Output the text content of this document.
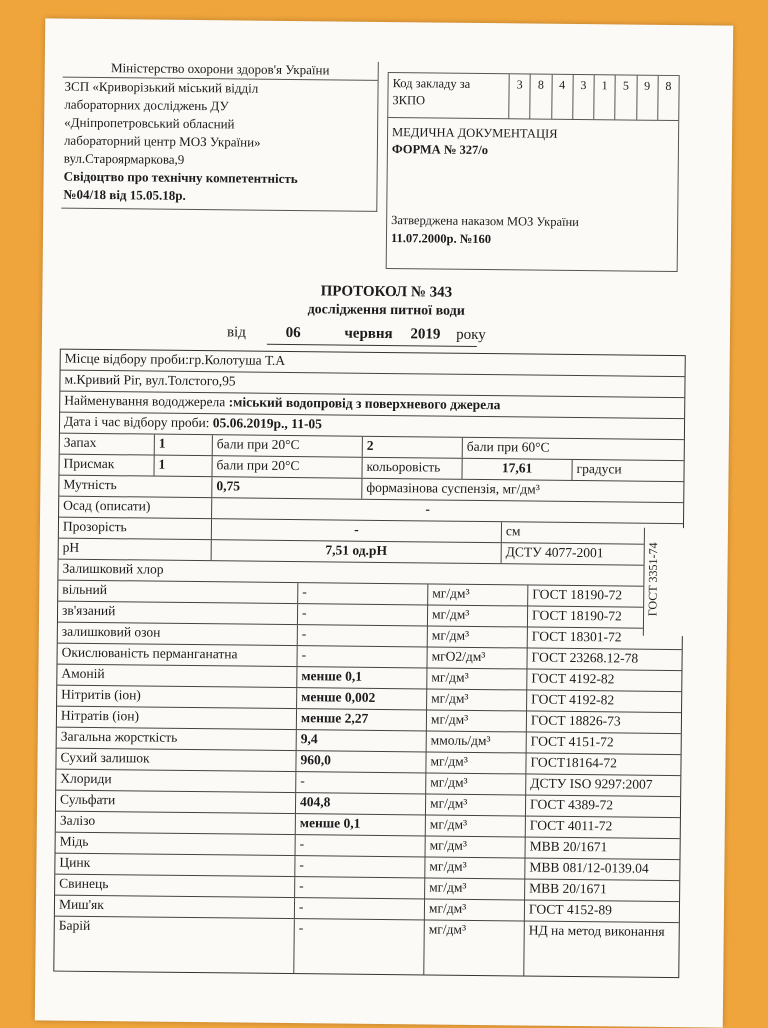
Міністерство охорони здоров'я України
ЗСП «Криворізький міський відділ
лабораторних досліджень ДУ
«Дніпропетровський обласний
лабораторний центр МОЗ України»
вул.Староярмаркова,9
Свідоцтво про технічну компетентність
№04/18 від 15.05.18р.
Код закладу за ЗКПО
3	8	4	3	1	5	9	8
МЕДИЧНА ДОКУМЕНТАЦІЯ
ФОРМА № 327/о
Затверджена наказом МОЗ України
11.07.2000р. №160
ПРОТОКОЛ № 343
дослідження питної води
від	06	червня 2019 року
Місце відбору проби:гр.Колотуша Т.А
м.Кривий Ріг, вул.Толстого,95
Найменування вододжерела :міський водопровід з поверхневого джерела
Дата і час відбору проби: 05.06.2019р., 11-05
Запах	1	бали при 20°С	2	бали при 60°С
Присмак	1	бали при 20°С	кольоровість	17,61	градуси
Мутність	0,75	формазінова суспензія, мг/дм³
Осад (описати)	-
Прозорість	-	см
pH	7,51 од.pH	ДСТУ 4077-2001	ГОСТ 3351-74
Залишковий хлор
вільний	-	мг/дм³	ГОСТ 18190-72
зв'язаний	-	мг/дм³	ГОСТ 18190-72
залишковий озон	-	мг/дм³	ГОСТ 18301-72
Окислюваність перманганатна	-	мгО2/дм³	ГОСТ 23268.12-78
Амоній	менше 0,1	мг/дм³	ГОСТ 4192-82
Нітритів (іон)	менше 0,002	мг/дм³	ГОСТ 4192-82
Нітратів (іон)	менше 2,27	мг/дм³	ГОСТ 18826-73
Загальна жорсткість	9,4	ммоль/дм³	ГОСТ 4151-72
Сухий залишок	960,0	мг/дм³	ГОСТ18164-72
Хлориди	-	мг/дм³	ДСТУ ISO 9297:2007
Сульфати	404,8	мг/дм³	ГОСТ 4389-72
Залізо	менше 0,1	мг/дм³	ГОСТ 4011-72
Мідь	-	мг/дм³	МВВ 20/1671
Цинк	-	мг/дм³	МВВ 081/12-0139.04
Свинець	-	мг/дм³	МВВ 20/1671
Миш'як	-	мг/дм³	ГОСТ 4152-89
Барій	-	мг/дм³	НД на метод виконання
